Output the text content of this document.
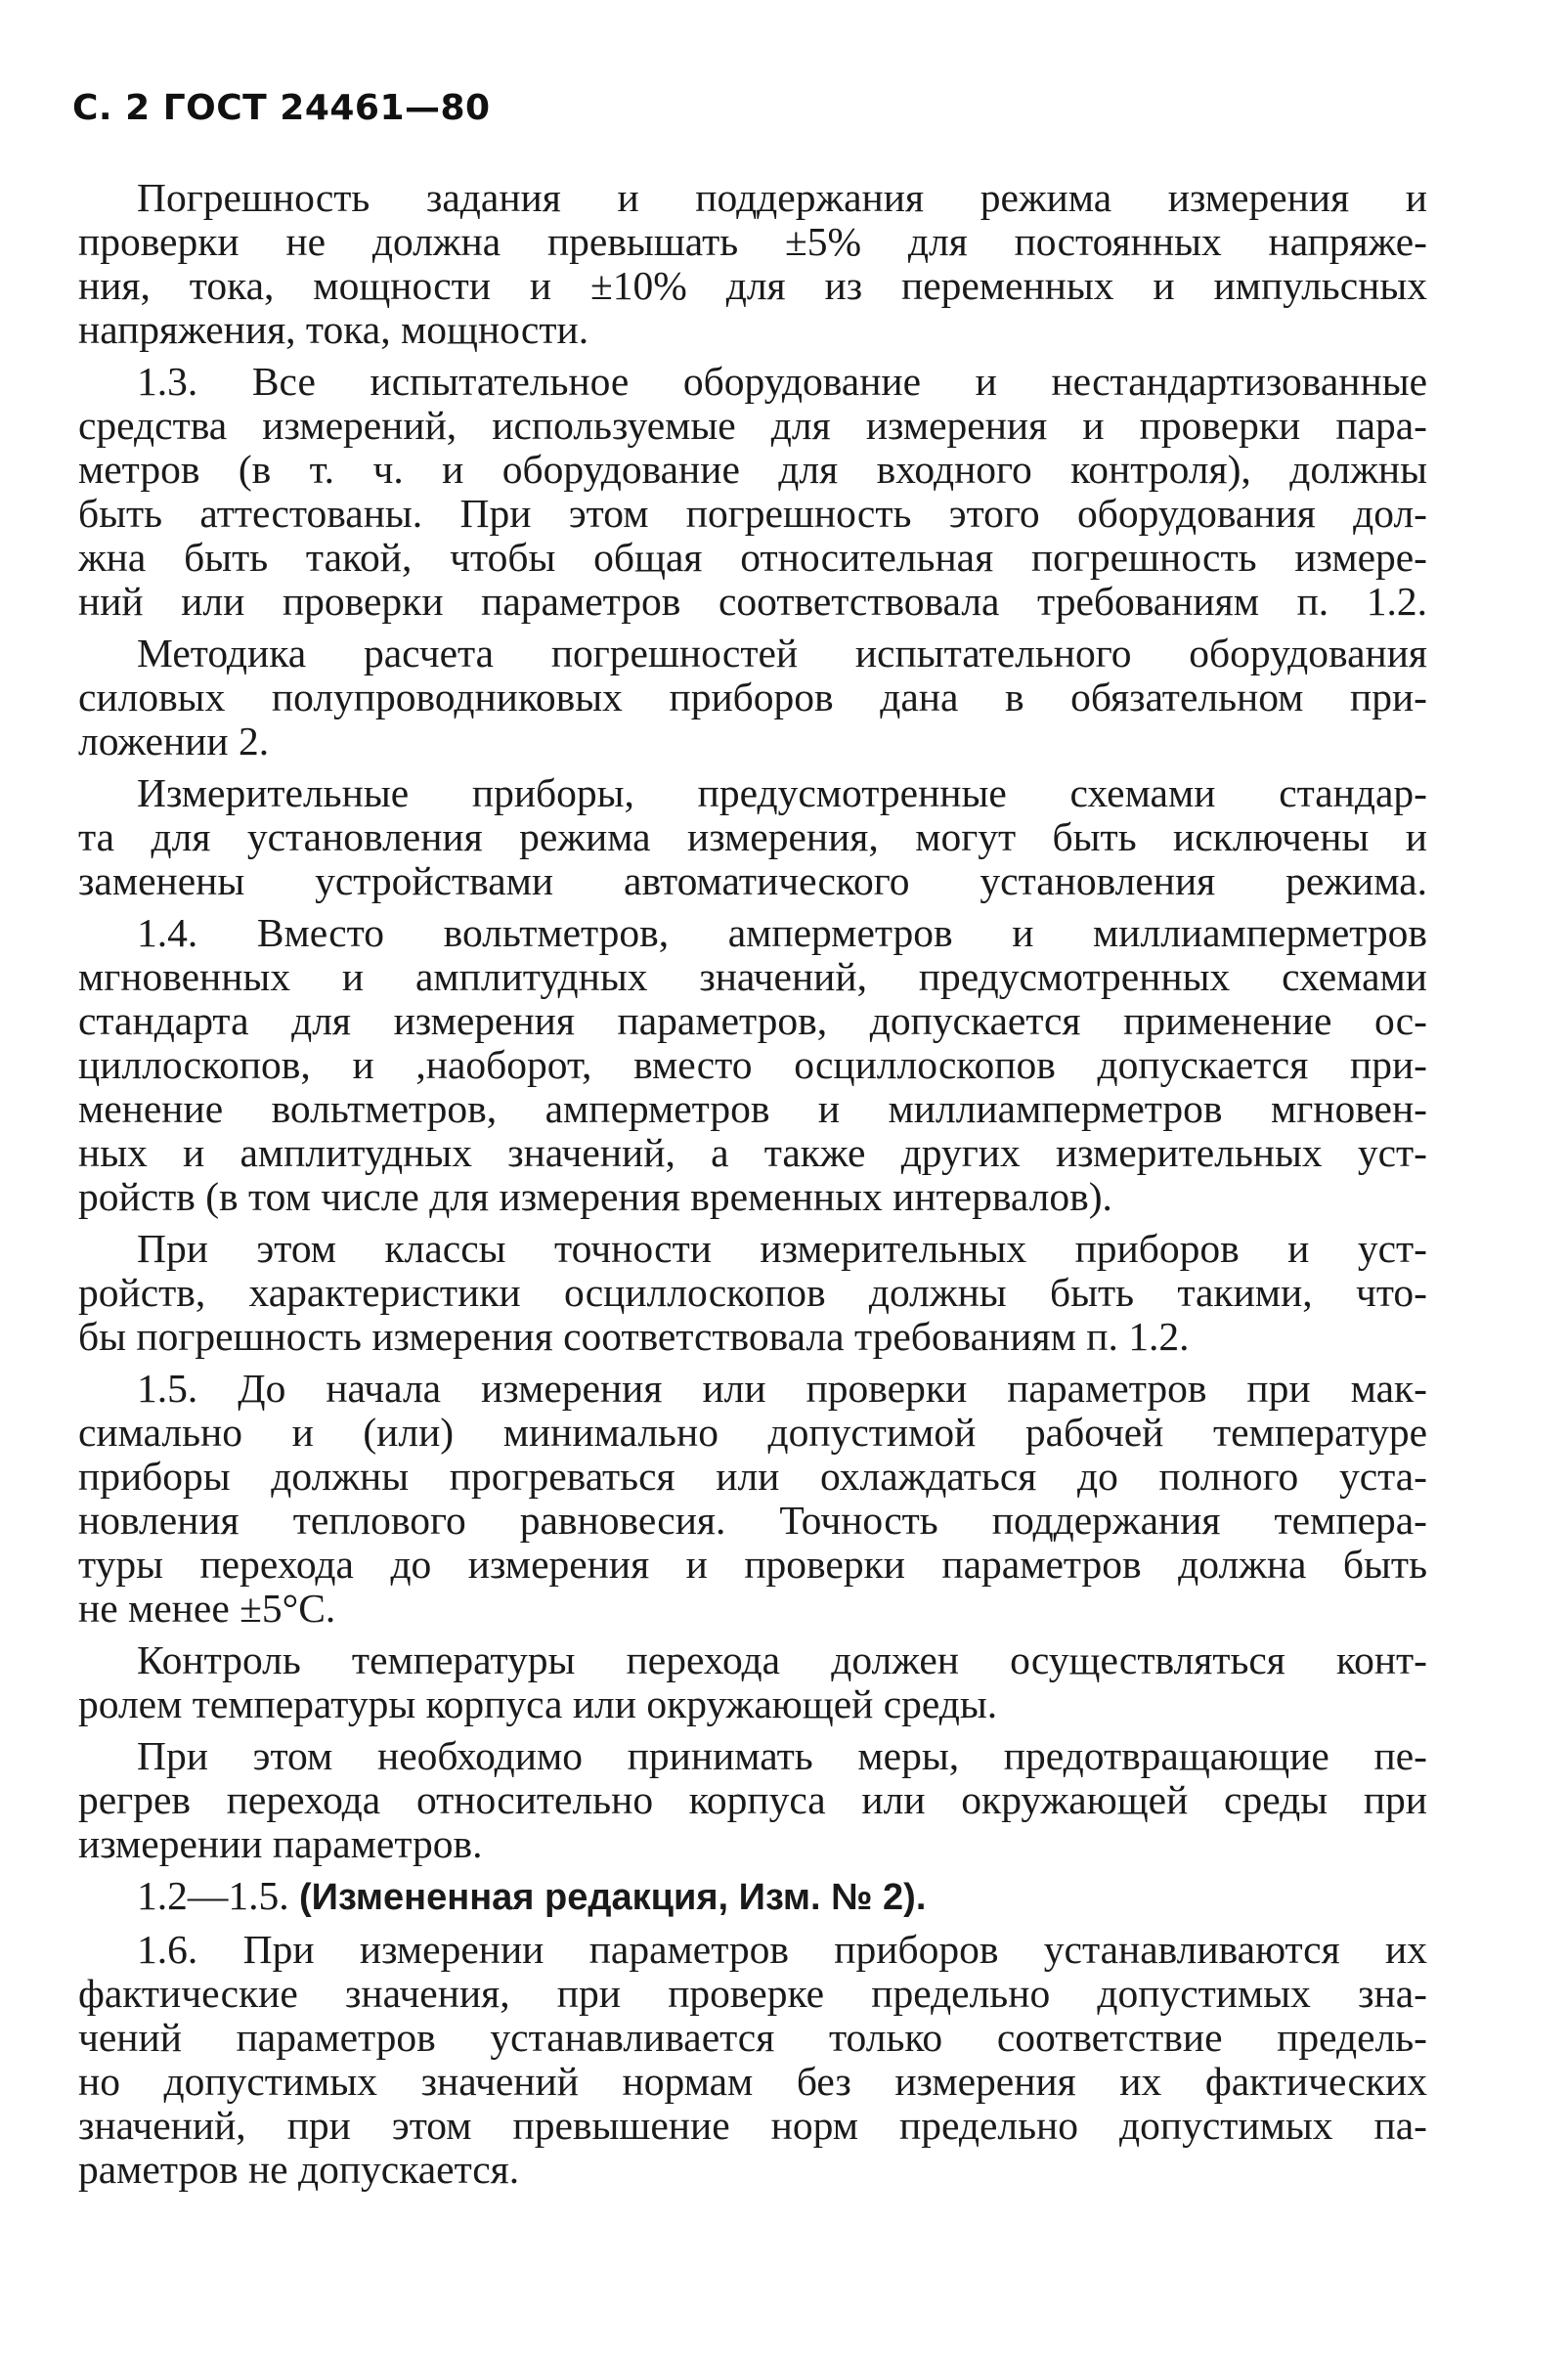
С. 2 ГОСТ 24461—80
Погрешность задания и поддержания режима измерения и
проверки не должна превышать ±5% для постоянных напряже-
ния, тока, мощности и ±10% для из переменных и импульсных
напряжения, тока, мощности.
1.3. Все испытательное оборудование и нестандартизованные
средства измерений, используемые для измерения и проверки пара-
метров (в т. ч. и оборудование для входного контроля), должны
быть аттестованы. При этом погрешность этого оборудования дол-
жна быть такой, чтобы общая относительная погрешность измере-
ний или проверки параметров соответствовала требованиям п. 1.2.
Методика расчета погрешностей испытательного оборудования
силовых полупроводниковых приборов дана в обязательном при-
ложении 2.
Измерительные приборы, предусмотренные схемами стандар-
та для установления режима измерения, могут быть исключены и
заменены устройствами автоматического установления режима.
1.4. Вместо вольтметров, амперметров и миллиамперметров
мгновенных и амплитудных значений, предусмотренных схемами
стандарта для измерения параметров, допускается применение ос-
циллоскопов, и ,наоборот, вместо осциллоскопов допускается при-
менение вольтметров, амперметров и миллиамперметров мгновен-
ных и амплитудных значений, а также других измерительных уст-
ройств (в том числе для измерения временных интервалов).
При этом классы точности измерительных приборов и уст-
ройств, характеристики осциллоскопов должны быть такими, что-
бы погрешность измерения соответствовала требованиям п. 1.2.
1.5. До начала измерения или проверки параметров при мак-
симально и (или) минимально допустимой рабочей температуре
приборы должны прогреваться или охлаждаться до полного уста-
новления теплового равновесия. Точность поддержания темпера-
туры перехода до измерения и проверки параметров должна быть
не менее ±5°С.
Контроль температуры перехода должен осуществляться конт-
ролем температуры корпуса или окружающей среды.
При этом необходимо принимать меры, предотвращающие пе-
регрев перехода относительно корпуса или окружающей среды при
измерении параметров.
1.2—1.5. (Измененная редакция, Изм. № 2).
1.6. При измерении параметров приборов устанавливаются их
фактические значения, при проверке предельно допустимых зна-
чений параметров устанавливается только соответствие предель-
но допустимых значений нормам без измерения их фактических
значений, при этом превышение норм предельно допустимых па-
раметров не допускается.
